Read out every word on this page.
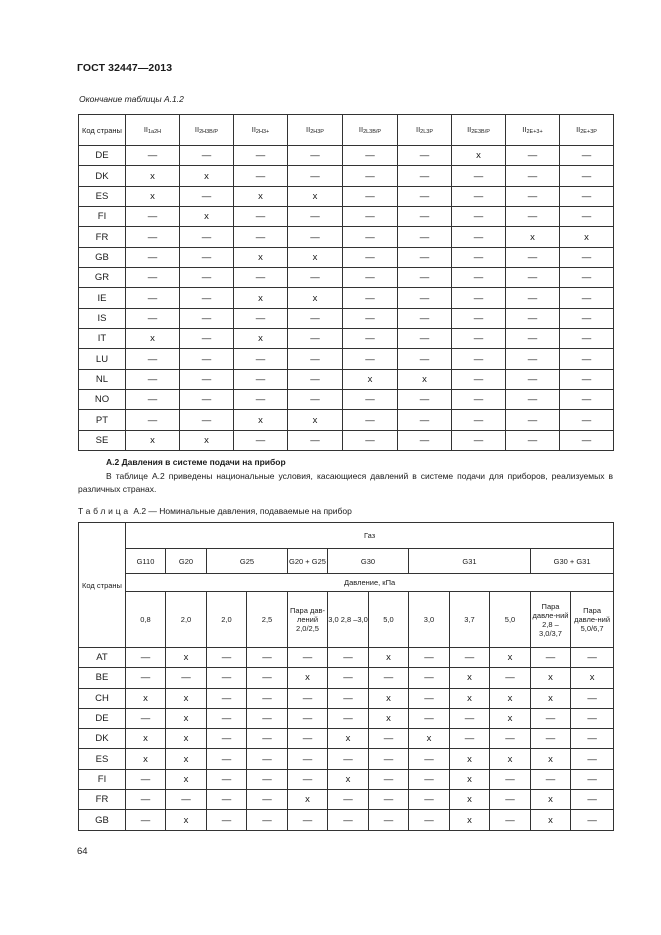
ГОСТ 32447—2013
Окончание таблицы А.1.2
Код страны	II1a2H	II2H3B/P	II2H3+	II2H3P	II2L3B/P	II2L3P	II2E3B/P	II2E+3+	II2E+3P
DE	—	—	—	—	—	—	x	—	—
DK	x	x	—	—	—	—	—	—	—
ES	x	—	x	x	—	—	—	—	—
FI	—	x	—	—	—	—	—	—	—
FR	—	—	—	—	—	—	—	x	x
GB	—	—	x	x	—	—	—	—	—
GR	—	—	—	—	—	—	—	—	—
IE	—	—	x	x	—	—	—	—	—
IS	—	—	—	—	—	—	—	—	—
IT	x	—	x	—	—	—	—	—	—
LU	—	—	—	—	—	—	—	—	—
NL	—	—	—	—	x	x	—	—	—
NO	—	—	—	—	—	—	—	—	—
PT	—	—	x	x	—	—	—	—	—
SE	x	x	—	—	—	—	—	—	—
А.2 Давления в системе подачи на прибор
В таблице А.2 приведены национальные условия, касающиеся давлений в системе подачи для приборов, реализуемых в различных странах.
Таблица А.2 — Номинальные давления, подаваемые на прибор
Код страны	Газ											
	G110	G20	G25		G20 + G25	G30		G31			G30 + G31	
	Давление, кПа											
	0,8	2,0	2,0	2,5	Пара дав-лений 2,0/2,5	3,0 2,8 –3,0	5,0	3,0	3,7	5,0	Пара давле-ний 2,8 –3,0/3,7	Пара давле-ний 5,0/6,7
AT	—	x	—	—	—	—	x	—	—	x	—	—
BE	—	—	—	—	x	—	—	—	x	—	x	x
CH	x	x	—	—	—	—	x	—	x	x	x	—
DE	—	x	—	—	—	—	x	—	—	x	—	—
DK	x	x	—	—	—	x	—	x	—	—	—	—
ES	x	x	—	—	—	—	—	—	x	x	x	—
FI	—	x	—	—	—	x	—	—	x	—	—	—
FR	—	—	—	—	x	—	—	—	x	—	x	—
GB	—	x	—	—	—	—	—	—	x	—	x	—
64
